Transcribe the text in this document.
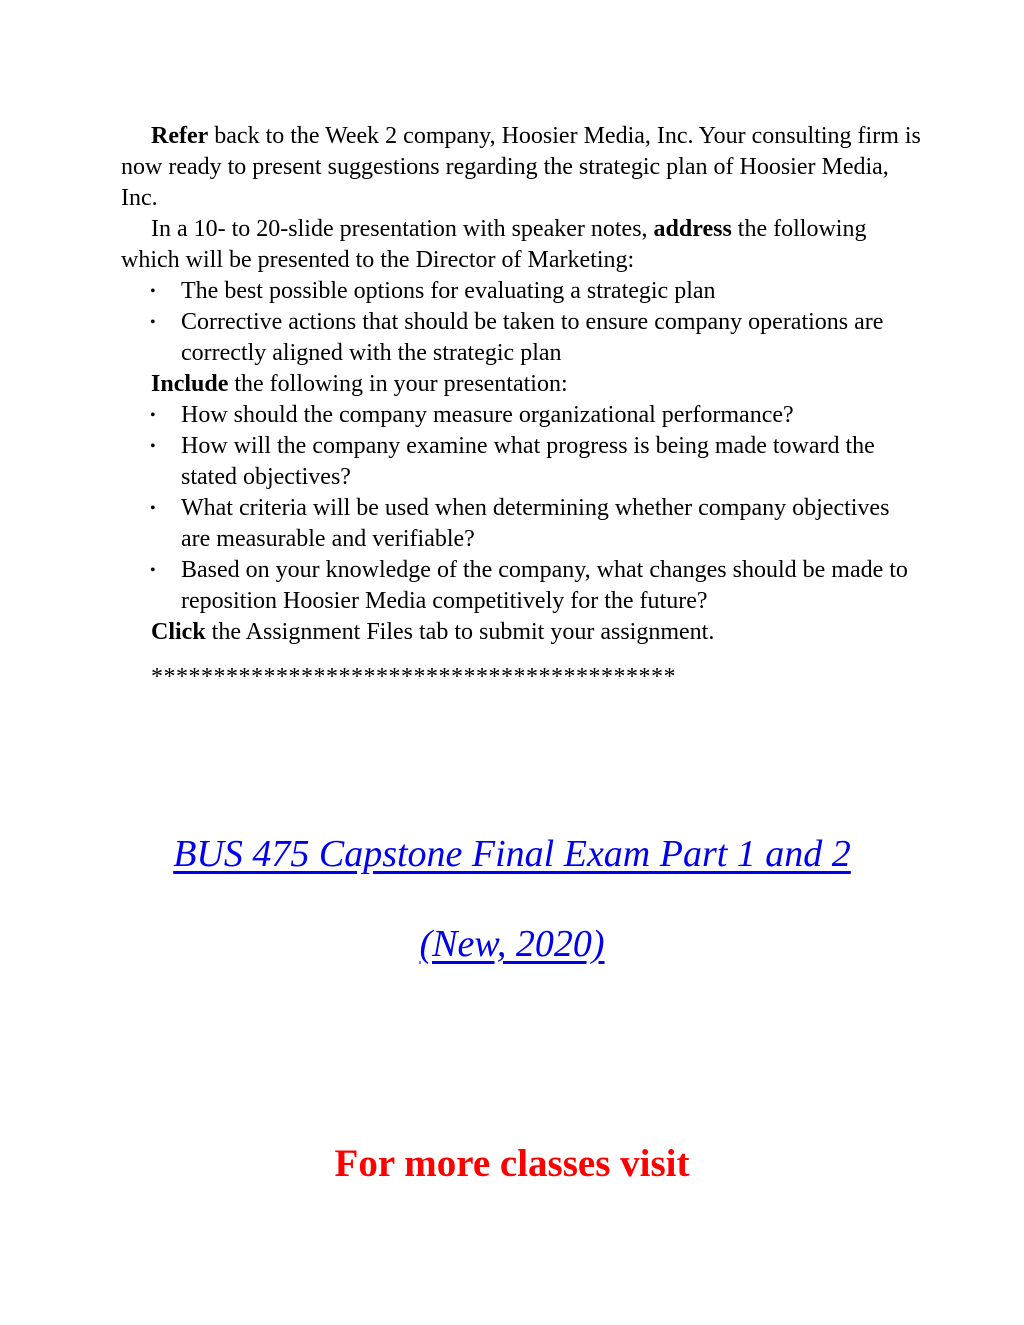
Refer back to the Week 2 company, Hoosier Media, Inc. Your consulting firm is now ready to present suggestions regarding the strategic plan of Hoosier Media, Inc.

In a 10- to 20-slide presentation with speaker notes, address the following which will be presented to the Director of Marketing:

• The best possible options for evaluating a strategic plan
• Corrective actions that should be taken to ensure company operations are correctly aligned with the strategic plan

Include the following in your presentation:

• How should the company measure organizational performance?
• How will the company examine what progress is being made toward the stated objectives?
• What criteria will be used when determining whether company objectives are measurable and verifiable?
• Based on your knowledge of the company, what changes should be made to reposition Hoosier Media competitively for the future?

Click the Assignment Files tab to submit your assignment.

******************************************

BUS 475 Capstone Final Exam Part 1 and 2
(New, 2020)
For more classes visit
